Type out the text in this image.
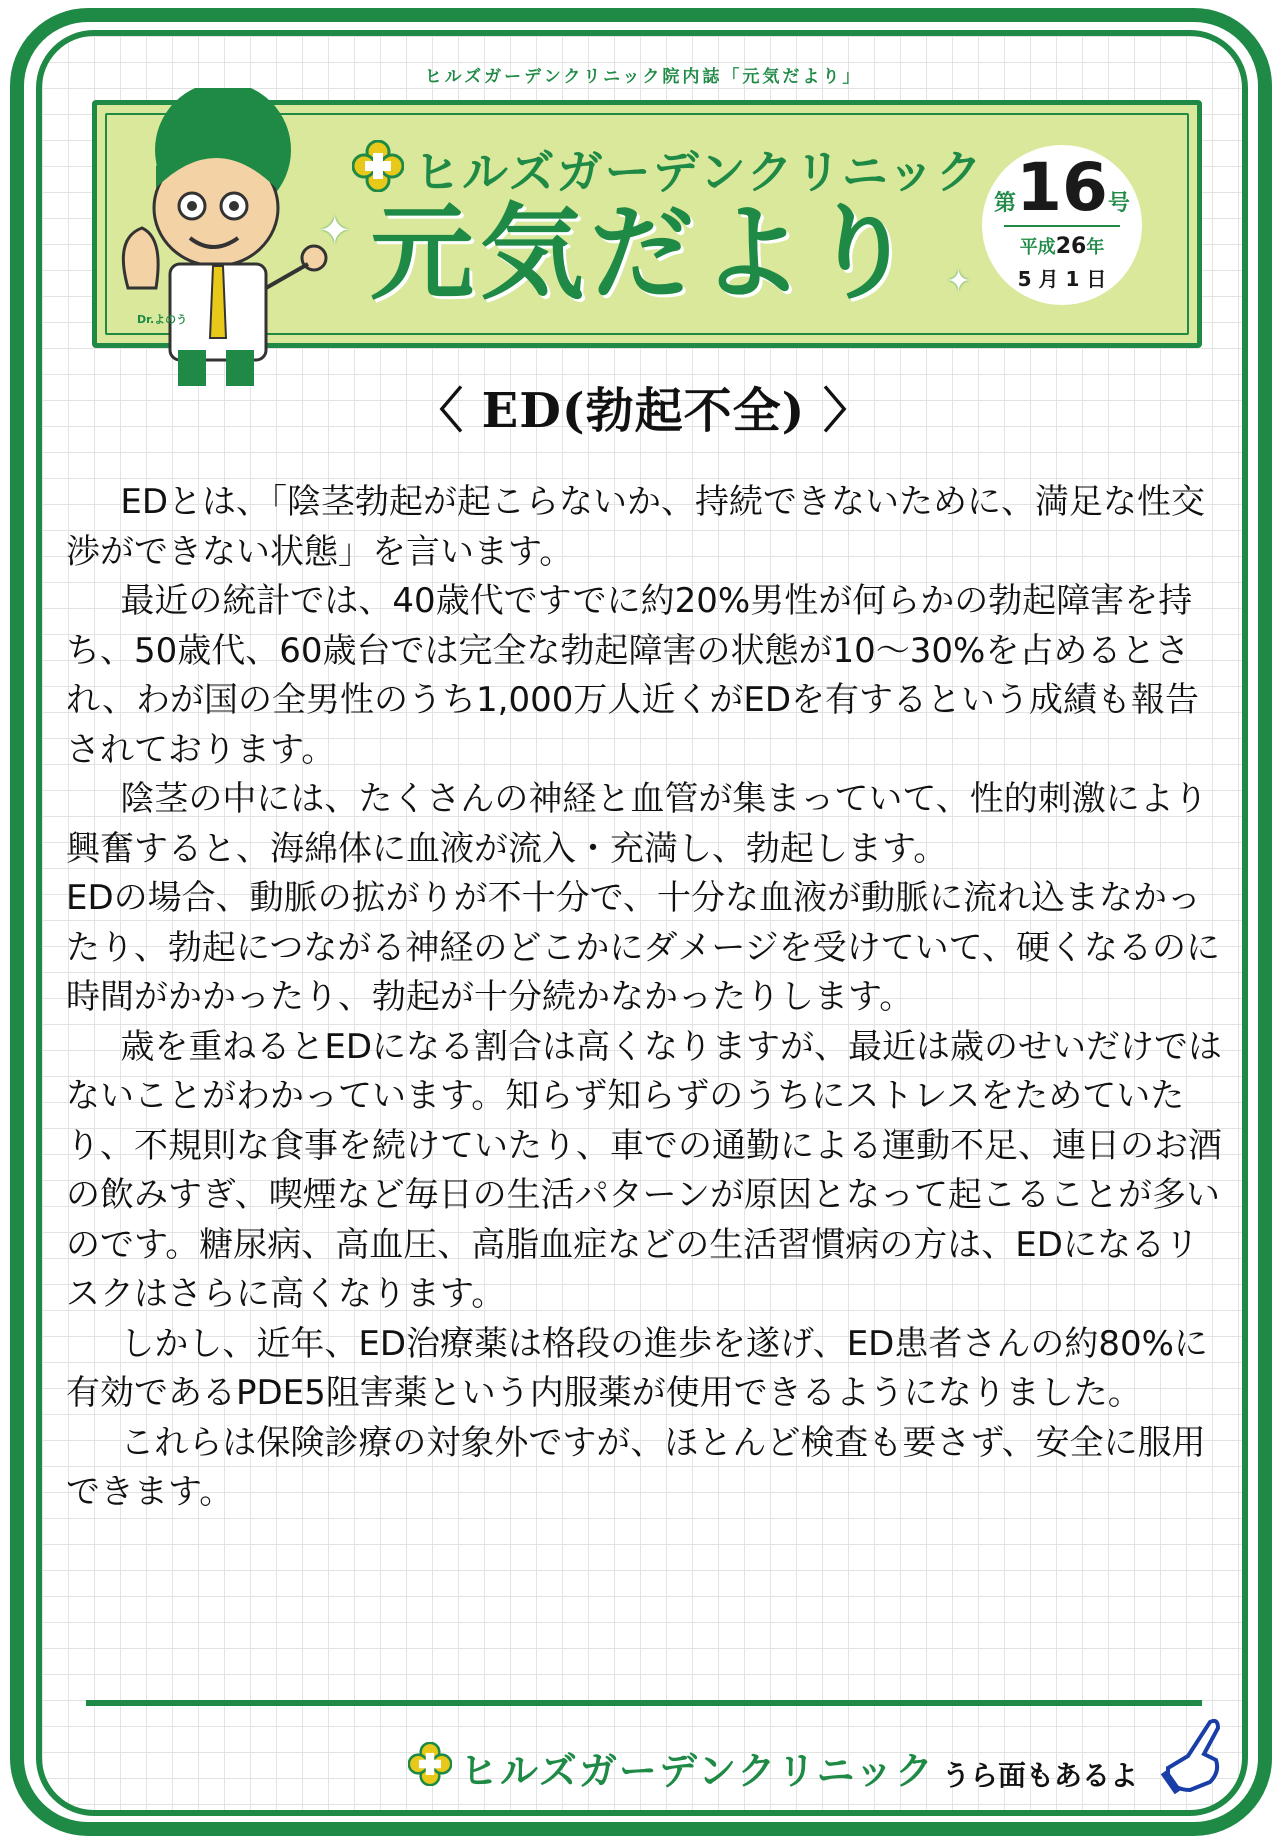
ヒルズガーデンクリニック院内誌「元気だより」
Dr.よのう
ヒルズガーデンクリニック
元気だより
✦
✦
第16号
平成26年
5 月 1 日
〈 ED(勃起不全) 〉

EDとは、「陰茎勃起が起こらないか、持続できないために、満足な性交渉ができない状態」を言います。

最近の統計では、40歳代ですでに約20%男性が何らかの勃起障害を持ち、50歳代、60歳台では完全な勃起障害の状態が10〜30%を占めるとされ、わが国の全男性のうち1,000万人近くがEDを有するという成績も報告されております。

陰茎の中には、たくさんの神経と血管が集まっていて、性的刺激により興奮すると、海綿体に血液が流入・充満し、勃起します。

EDの場合、動脈の拡がりが不十分で、十分な血液が動脈に流れ込まなかったり、勃起につながる神経のどこかにダメージを受けていて、硬くなるのに時間がかかったり、勃起が十分続かなかったりします。

歳を重ねるとEDになる割合は高くなりますが、最近は歳のせいだけではないことがわかっています。知らず知らずのうちにストレスをためていたり、不規則な食事を続けていたり、車での通勤による運動不足、連日のお酒の飲みすぎ、喫煙など毎日の生活パターンが原因となって起こることが多いのです。糖尿病、高血圧、高脂血症などの生活習慣病の方は、EDになるリスクはさらに高くなります。

しかし、近年、ED治療薬は格段の進歩を遂げ、ED患者さんの約80%に有効であるPDE5阻害薬という内服薬が使用できるようになりました。

これらは保険診療の対象外ですが、ほとんど検査も要さず、安全に服用できます。

ヒルズガーデンクリニック うら面もあるよ
